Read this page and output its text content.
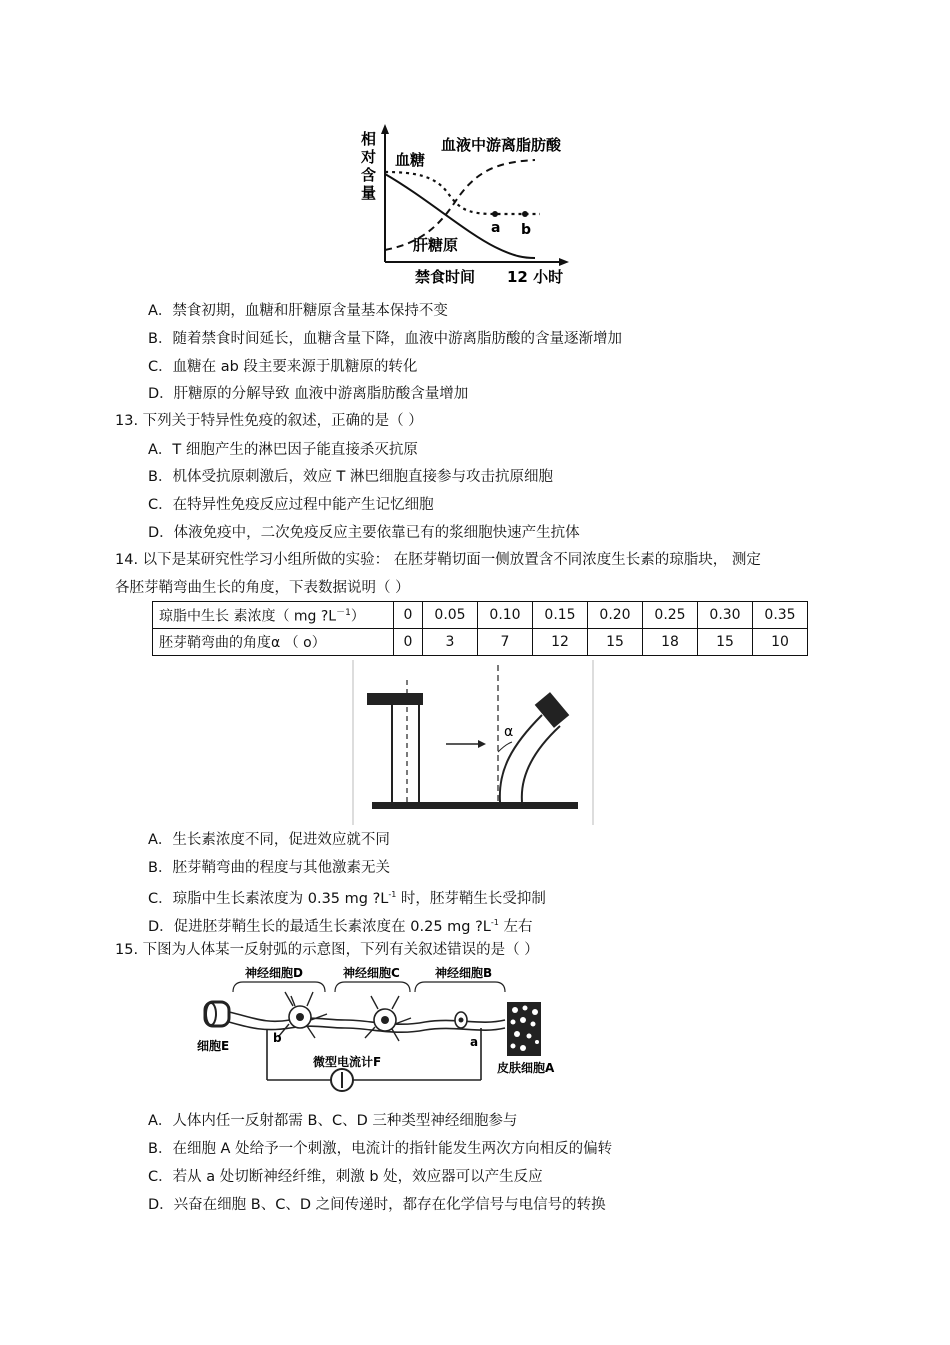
相
对
含
量
血糖
血液中游离脂肪酸
肝糖原
a b
禁食时间 12 小时
A．禁食初期，血糖和肝糖原含量基本保持不变
B．随着禁食时间延长，血糖含量下降，血液中游离脂肪酸的含量逐渐增加
C．血糖在 ab 段主要来源于肌糖原的转化
D．肝糖原的分解导致 血液中游离脂肪酸含量增加
13. 下列关于特异性免疫的叙述，正确的是（ ）
A．T 细胞产生的淋巴因子能直接杀灭抗原
B．机体受抗原刺激后，效应 T 淋巴细胞直接参与攻击抗原细胞
C．在特异性免疫反应过程中能产生记忆细胞
D．体液免疫中，二次免疫反应主要依靠已有的浆细胞快速产生抗体
14. 以下是某研究性学习小组所做的实验： 在胚芽鞘切面一侧放置含不同浓度生长素的琼脂块， 测定
各胚芽鞘弯曲生长的角度，下表数据说明（ ）
琼脂中生长 素浓度（ mg $?L^{-1}$）	0	0.05	0.10	0.15	0.20	0.25	0.30	0.35
胚芽鞘弯曲的角度α （ o）	0	3	7	12	15	18	15	10
α
A．生长素浓度不同，促进效应就不同
B．胚芽鞘弯曲的程度与其他激素无关
C．琼脂中生长素浓度为 0.35 mg $?L^{-1}$ 时，胚芽鞘生长受抑制
D．促进胚芽鞘生长的最适生长素浓度在 0.25 mg $?L^{-1}$ 左右
15. 下图为人体某一反射弧的示意图，下列有关叙述错误的是（ ）
神经细胞D	神经细胞C	神经细胞B
细胞E
皮肤细胞A
b	a
微型电流计F
A．人体内任一反射都需 B、C、D 三种类型神经细胞参与
B．在细胞 A 处给予一个刺激，电流计的指针能发生两次方向相反的偏转
C．若从 a 处切断神经纤维，刺激 b 处，效应器可以产生反应
D．兴奋在细胞 B、C、D 之间传递时，都存在化学信号与电信号的转换
